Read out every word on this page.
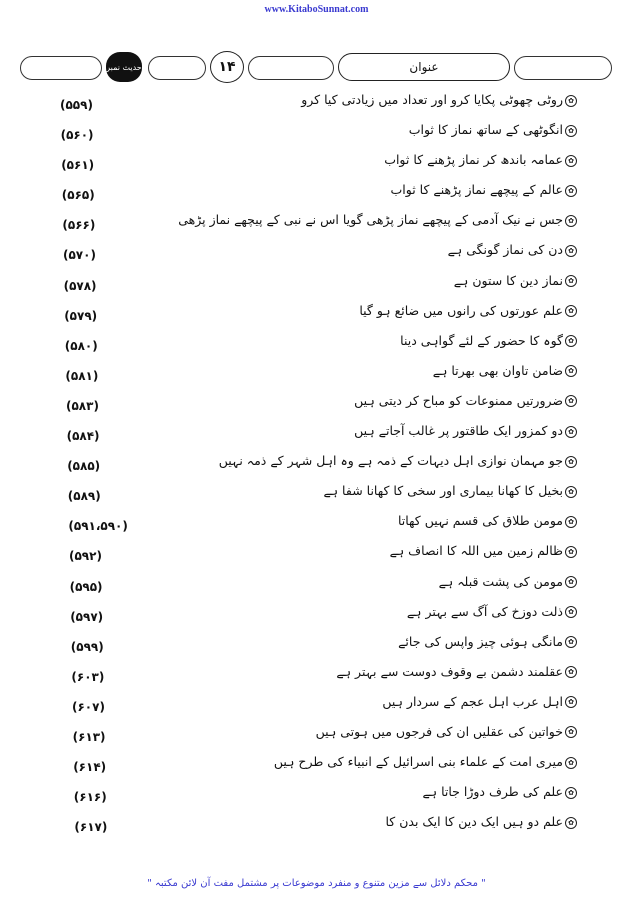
www.KitaboSunnat.com
حدیث نمبر	۱۴	عنوان
(۵۵۹)	✿روٹی چھوٹی پکایا کرو اور تعداد میں زیادتی کیا کرو
(۵۶۰)	✿انگوٹھی کے ساتھ نماز کا ثواب
(۵۶۱)	✿عمامہ باندھ کر نماز پڑھنے کا ثواب
(۵۶۵)	✿عالم کے پیچھے نماز پڑھنے کا ثواب
(۵۶۶)	✿جس نے نیک آدمی کے پیچھے نماز پڑھی گویا اس نے نبی کے پیچھے نماز پڑھی
(۵۷۰)	✿دن کی نماز گونگی ہے
(۵۷۸)	✿نماز دین کا ستون ہے
(۵۷۹)	✿علم عورتوں کی رانوں میں ضائع ہو گیا
(۵۸۰)	✿گوہ کا حضور کے لئے گواہی دینا
(۵۸۱)	✿ضامن تاوان بھی بھرتا ہے
(۵۸۳)	✿ضرورتیں ممنوعات کو مباح کر دیتی ہیں
(۵۸۴)	✿دو کمزور ایک طاقتور پر غالب آجاتے ہیں
(۵۸۵)	✿جو مہمان نوازی اہل دیہات کے ذمہ ہے وہ اہل شہر کے ذمہ نہیں
(۵۸۹)	✿بخیل کا کھانا بیماری اور سخی کا کھانا شفا ہے
(۵۹۱،۵۹۰)	✿مومن طلاق کی قسم نہیں کھاتا
(۵۹۲)	✿ظالم زمین میں اللہ کا انصاف ہے
(۵۹۵)	✿مومن کی پشت قبلہ ہے
(۵۹۷)	✿ذلت دوزخ کی آگ سے بہتر ہے
(۵۹۹)	✿مانگی ہوئی چیز واپس کی جائے
(۶۰۳)	✿عقلمند دشمن بے وقوف دوست سے بہتر ہے
(۶۰۷)	✿اہل عرب اہل عجم کے سردار ہیں
(۶۱۳)	✿خواتین کی عقلیں ان کی فرجوں میں ہوتی ہیں
(۶۱۴)	✿میری امت کے علماء بنی اسرائیل کے انبیاء کی طرح ہیں
(۶۱۶)	✿علم کی طرف دوڑا جاتا ہے
(۶۱۷)	✿علم دو ہیں ایک دین کا ایک بدن کا
" محکم دلائل سے مزین متنوع و منفرد موضوعات پر مشتمل مفت آن لائن مکتبہ "
